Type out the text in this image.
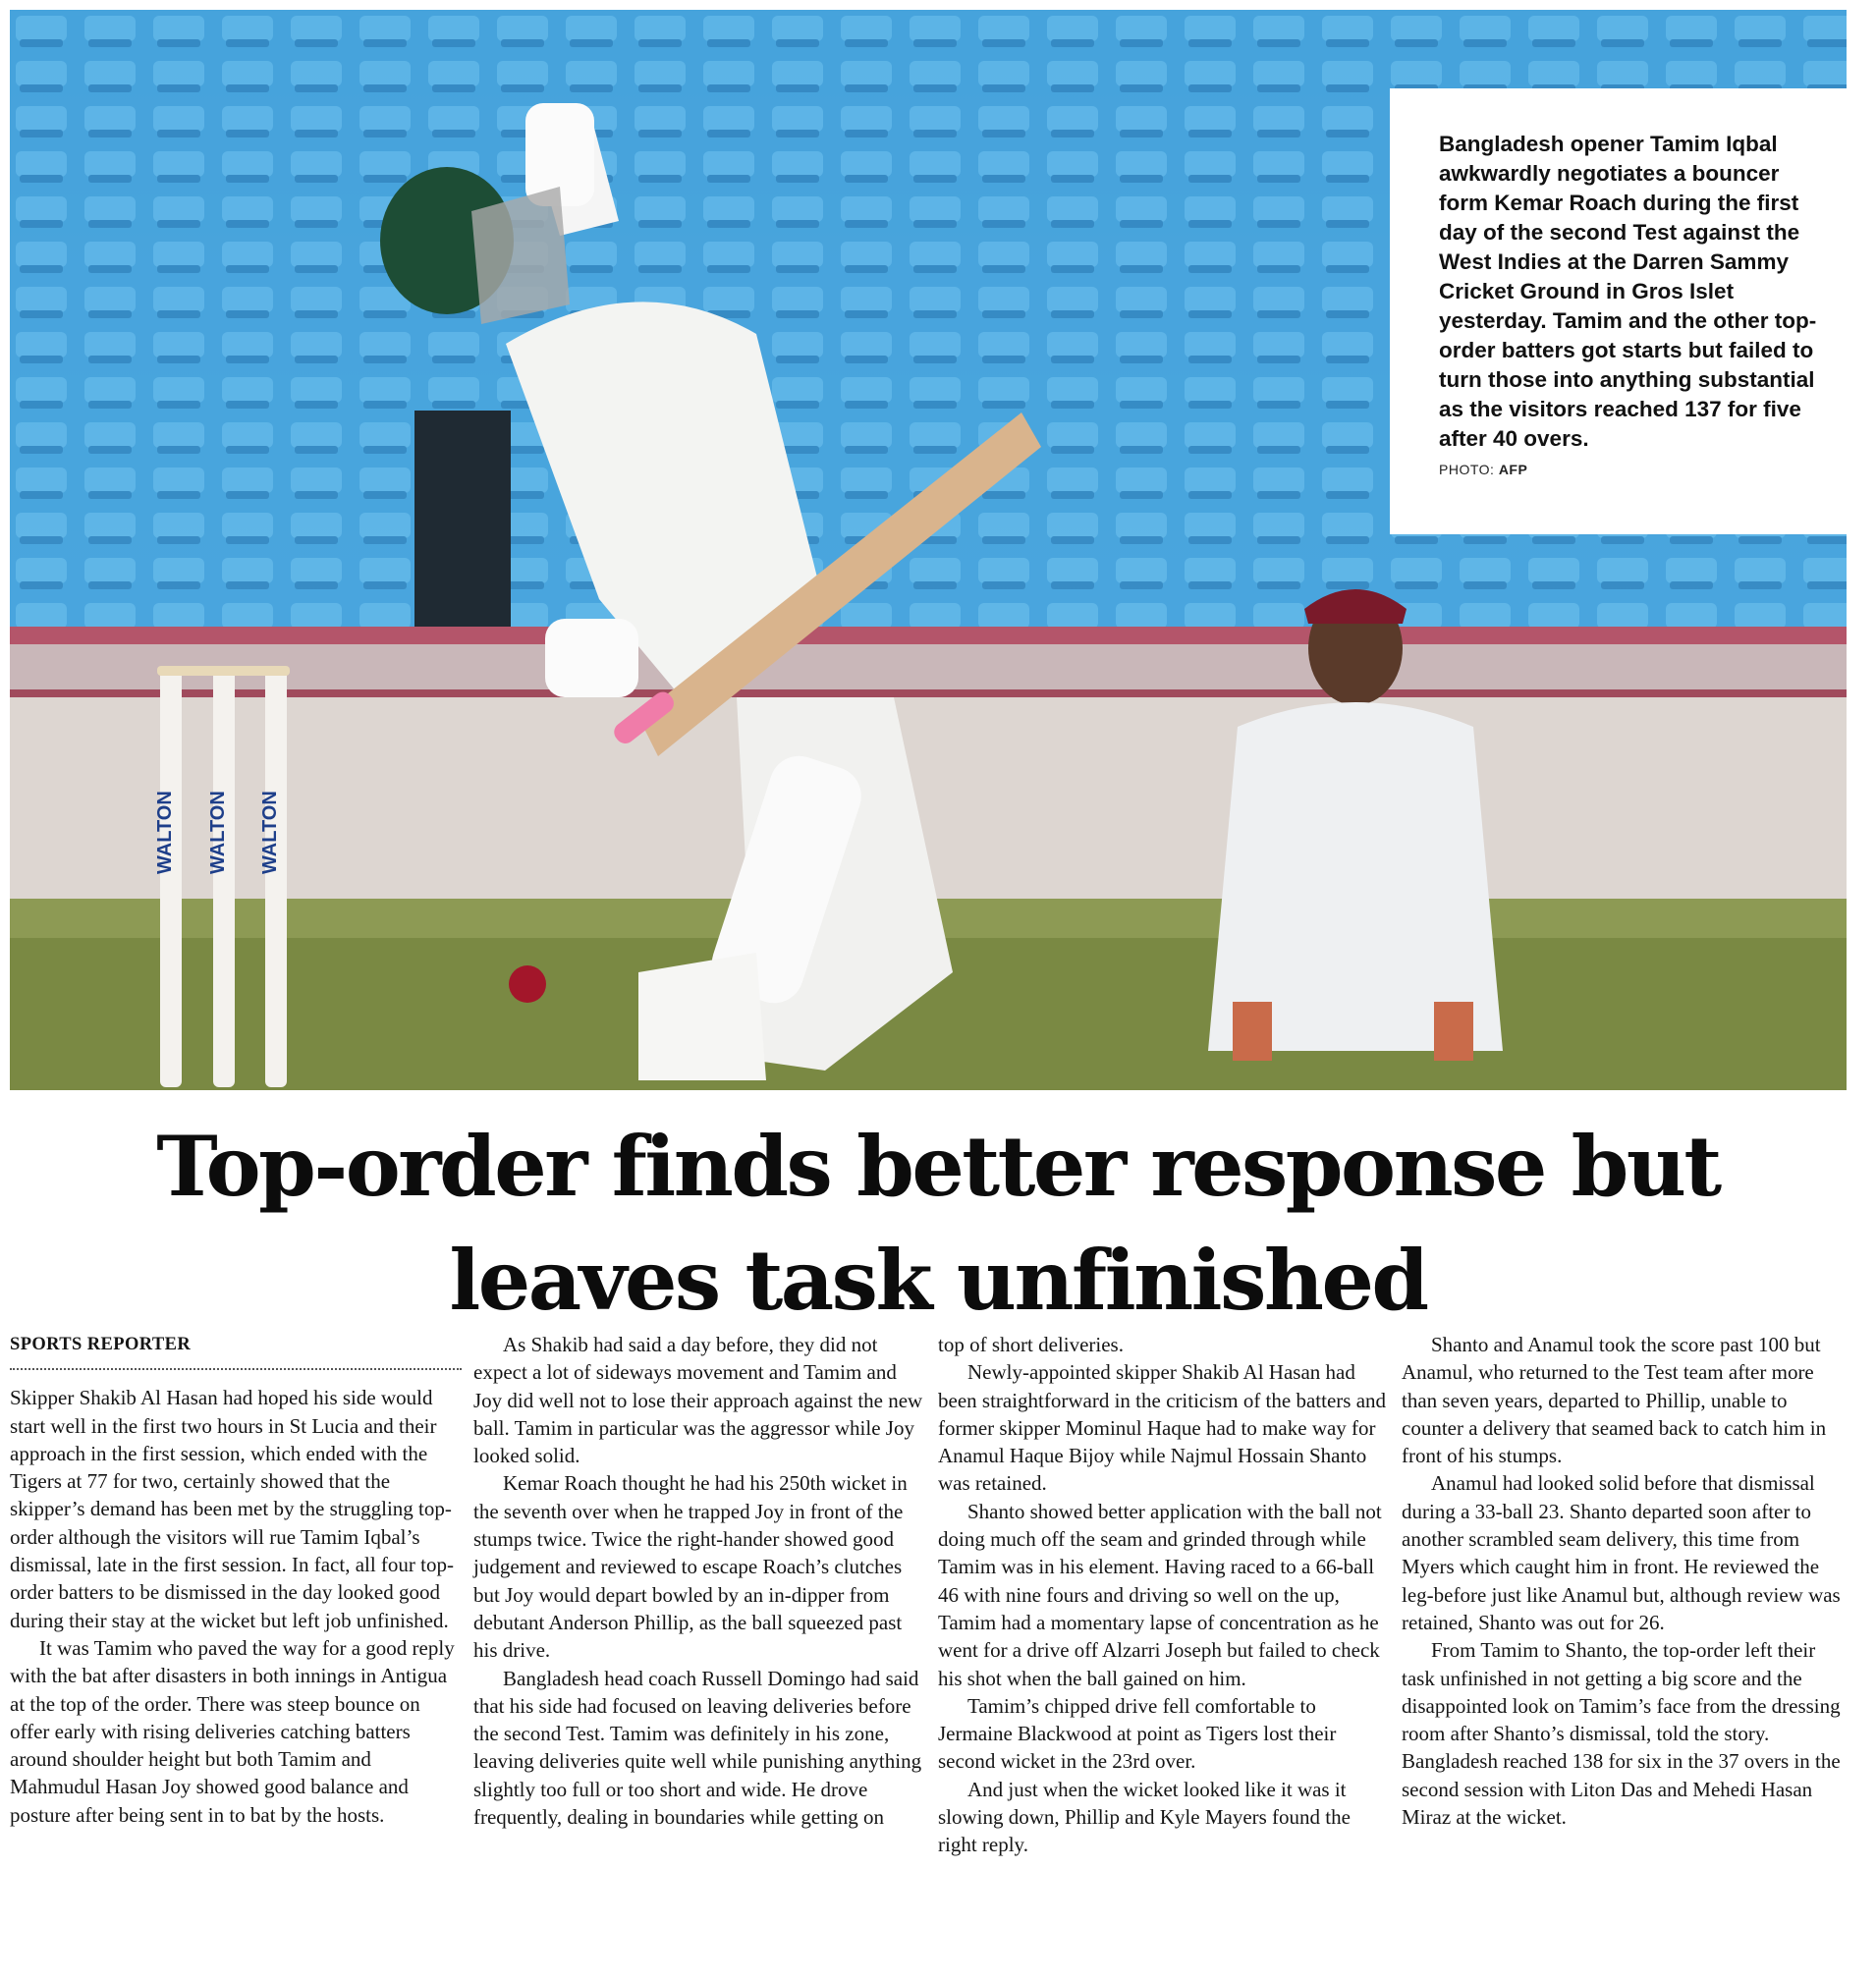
WALTON WALTON WALTON

Bangladesh opener Tamim Iqbal awkwardly negotiates a bouncer form Kemar Roach during the first day of the second Test against the West Indies at the Darren Sammy Cricket Ground in Gros Islet yesterday. Tamim and the other top-order batters got starts but failed to turn those into anything substantial as the visitors reached 137 for five after 40 overs.

PHOTO: AFP

Top-order finds better response but
leaves task unfinished
SPORTS REPORTER

Skipper Shakib Al Hasan had hoped his side would start well in the first two hours in St Lucia and their approach in the first session, which ended with the Tigers at 77 for two, certainly showed that the skipper’s demand has been met by the struggling top-order although the visitors will rue Tamim Iqbal’s dismissal, late in the first session. In fact, all four top-order batters to be dismissed in the day looked good during their stay at the wicket but left job unfinished.

It was Tamim who paved the way for a good reply with the bat after disasters in both innings in Antigua at the top of the order. There was steep bounce on offer early with rising deliveries catching batters around shoulder height but both Tamim and Mahmudul Hasan Joy showed good balance and posture after being sent in to bat by the hosts.

As Shakib had said a day before, they did not expect a lot of sideways movement and Tamim and Joy did well not to lose their approach against the new ball. Tamim in particular was the aggressor while Joy looked solid.

Kemar Roach thought he had his 250th wicket in the seventh over when he trapped Joy in front of the stumps twice. Twice the right-hander showed good judgement and reviewed to escape Roach’s clutches but Joy would depart bowled by an in-dipper from debutant Anderson Phillip, as the ball squeezed past his drive.

Bangladesh head coach Russell Domingo had said that his side had focused on leaving deliveries before the second Test. Tamim was definitely in his zone, leaving deliveries quite well while punishing anything slightly too full or too short and wide. He drove frequently, dealing in boundaries while getting on

top of short deliveries.

Newly-appointed skipper Shakib Al Hasan had been straightforward in the criticism of the batters and former skipper Mominul Haque had to make way for Anamul Haque Bijoy while Najmul Hossain Shanto was retained.

Shanto showed better application with the ball not doing much off the seam and grinded through while Tamim was in his element. Having raced to a 66-ball 46 with nine fours and driving so well on the up, Tamim had a momentary lapse of concentration as he went for a drive off Alzarri Joseph but failed to check his shot when the ball gained on him.

Tamim’s chipped drive fell comfortable to Jermaine Blackwood at point as Tigers lost their second wicket in the 23rd over.

And just when the wicket looked like it was it slowing down, Phillip and Kyle Mayers found the right reply.

Shanto and Anamul took the score past 100 but Anamul, who returned to the Test team after more than seven years, departed to Phillip, unable to counter a delivery that seamed back to catch him in front of his stumps.

Anamul had looked solid before that dismissal during a 33-ball 23. Shanto departed soon after to another scrambled seam delivery, this time from Myers which caught him in front. He reviewed the leg-before just like Anamul but, although review was retained, Shanto was out for 26.

From Tamim to Shanto, the top-order left their task unfinished in not getting a big score and the disappointed look on Tamim’s face from the dressing room after Shanto’s dismissal, told the story. Bangladesh reached 138 for six in the 37 overs in the second session with Liton Das and Mehedi Hasan Miraz at the wicket.
